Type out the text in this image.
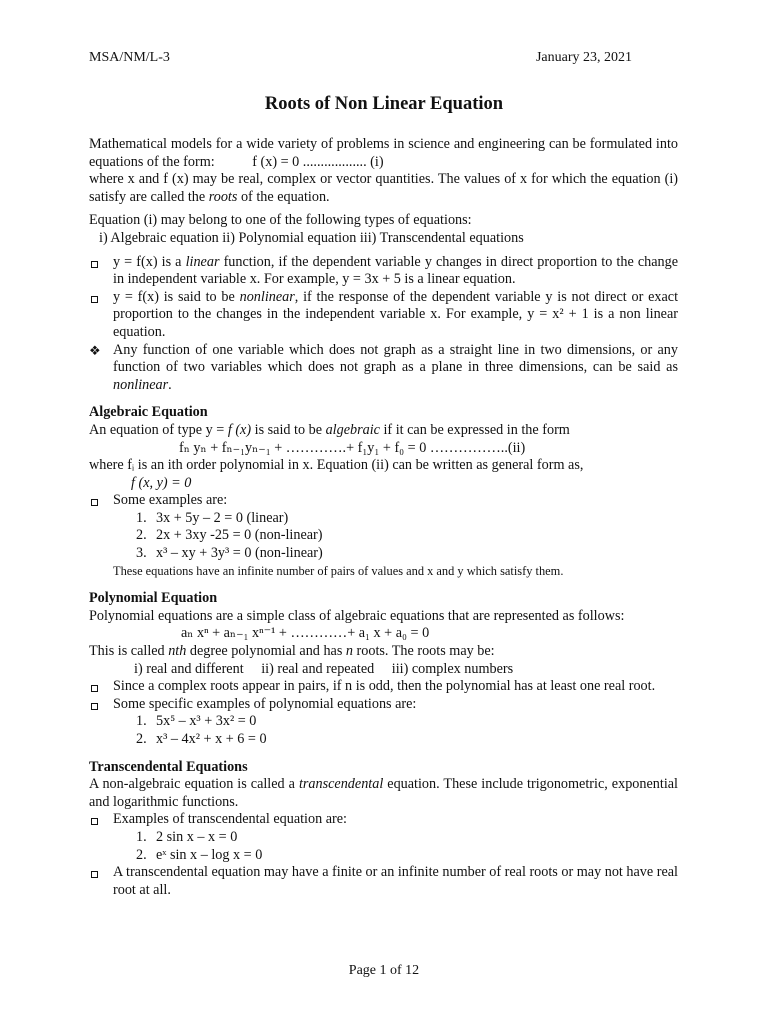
MSA/NM/L-3	January 23, 2021
Roots of Non Linear Equation

Mathematical models for a wide variety of problems in science and engineering can be formulated into equations of the form:	f (x) = 0 .................. (i)
where x and f (x) may be real, complex or vector quantities. The values of x for which the equation (i) satisfy are called the roots of the equation.

Equation (i) may belong to one of the following types of equations:

i) Algebraic equation ii) Polynomial equation iii) Transcendental equations

y = f(x) is a linear function, if the dependent variable y changes in direct proportion to the change in independent variable x. For example, y = 3x + 5 is a linear equation.
y = f(x) is said to be nonlinear, if the response of the dependent variable y is not direct or exact proportion to the changes in the independent variable x. For example, y = x² + 1 is a non linear equation.
❖ Any function of one variable which does not graph as a straight line in two dimensions, or any function of two variables which does not graph as a plane in three dimensions, can be said as nonlinear.
Algebraic Equation

An equation of type y = f (x) is said to be algebraic if it can be expressed in the form

fₙ yₙ + fₙ₋₁yₙ₋₁ + ………….+ f₁y₁ + f₀ = 0 ……………..(ii)

where fᵢ is an ith order polynomial in x. Equation (ii) can be written as general form as,

f (x, y) = 0

Some examples are:
1. 3x + 5y – 2 = 0 (linear)
2. 2x + 3xy -25 = 0 (non-linear)
3. x³ – xy + 3y³ = 0 (non-linear)

These equations have an infinite number of pairs of values and x and y which satisfy them.

Polynomial Equation

Polynomial equations are a simple class of algebraic equations that are represented as follows:

aₙ xⁿ + aₙ₋₁ xⁿ⁻¹ + …………+ a₁ x + a₀ = 0

This is called nth degree polynomial and has n roots. The roots may be:

i) real and different ii) real and repeated iii) complex numbers

Since a complex roots appear in pairs, if n is odd, then the polynomial has at least one real root.
Some specific examples of polynomial equations are:
1. 5x⁵ – x³ + 3x² = 0
2. x³ – 4x² + x + 6 = 0
Transcendental Equations

A non-algebraic equation is called a transcendental equation. These include trigonometric, exponential and logarithmic functions.

Examples of transcendental equation are:
1. 2 sin x – x = 0
2. eˣ sin x – log x = 0
A transcendental equation may have a finite or an infinite number of real roots or may not have real root at all.
Page 1 of 12
